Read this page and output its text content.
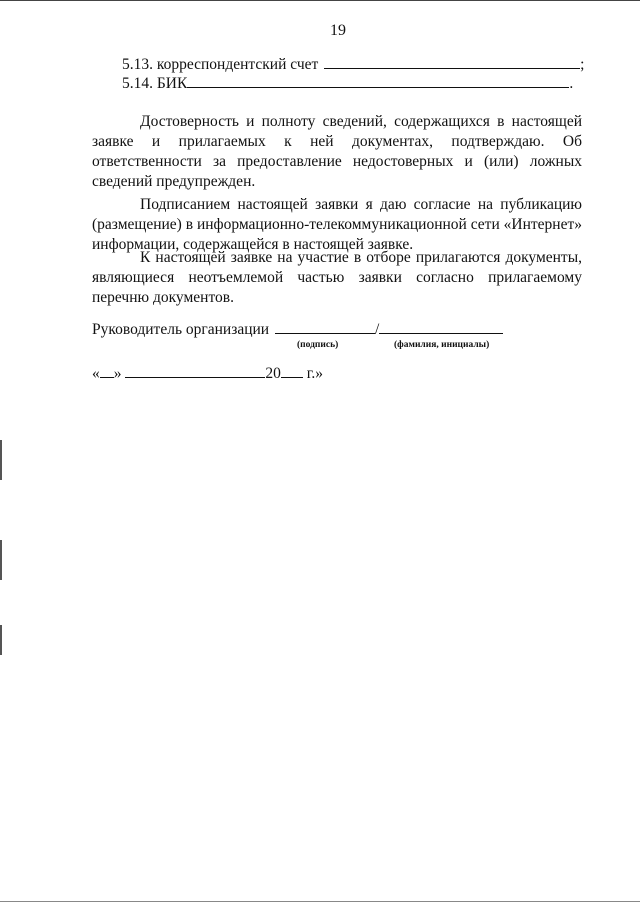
19
5.13. корреспондентский счет	;
5.14. БИК	.

Достоверность и полноту сведений, содержащихся в настоящей заявке и прилагаемых к ней документах, подтверждаю. Об ответственности за предоставление недостоверных и (или) ложных сведений предупрежден.

Подписанием настоящей заявки я даю согласие на публикацию (размещение) в информационно-телекоммуникационной сети «Интернет» информации, содержащейся в настоящей заявке.

К настоящей заявке на участие в отборе прилагаются документы, являющиеся неотъемлемой частью заявки согласно прилагаемому перечню документов.

Руководитель организации	/
(подпись)	(фамилия, инициалы)
« »	20 г.»
